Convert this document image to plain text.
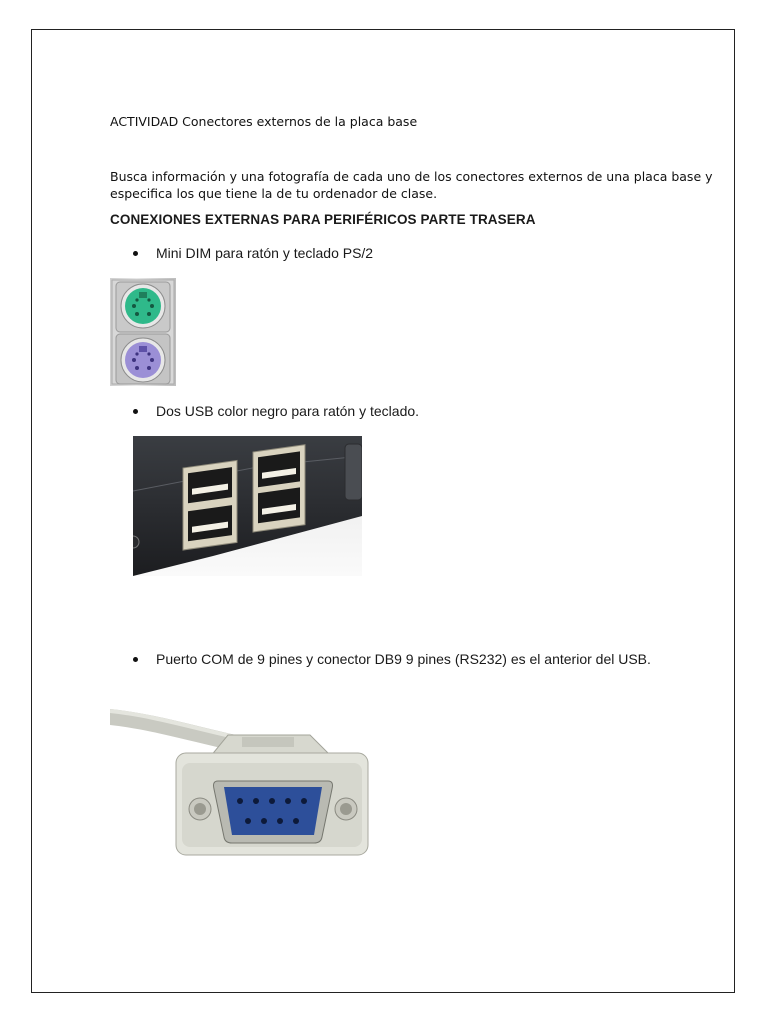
ACTIVIDAD Conectores externos de la placa base
Busca información y una fotografía de cada uno de los conectores externos de una placa base y
especifica los que tiene la de tu ordenador de clase.
CONEXIONES EXTERNAS PARA PERIFÉRICOS PARTE TRASERA
Mini DIM para ratón y teclado PS/2
Dos USB color negro para ratón y teclado.
Puerto COM de 9 pines y conector DB9 9 pines (RS232) es el anterior del USB.
